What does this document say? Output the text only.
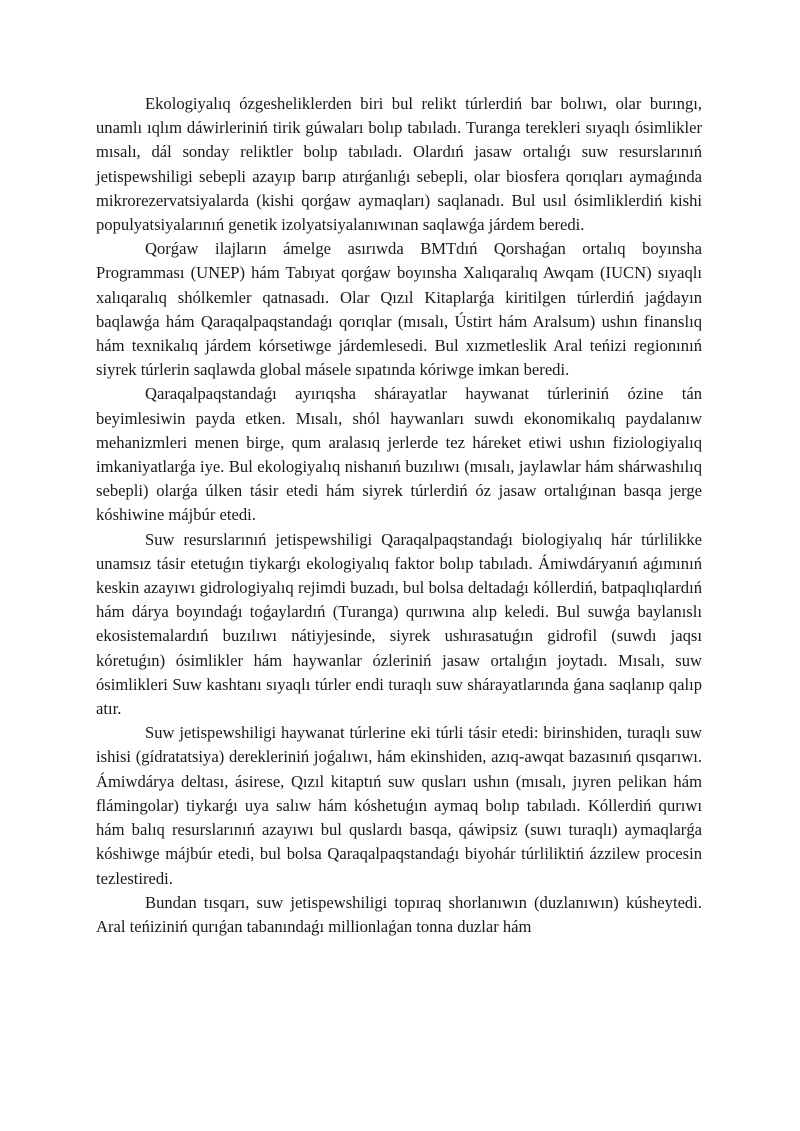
Ekologiyalıq ózgesheliklerden biri bul relikt túrlerdiń bar bolıwı, olar burıngı, unamlı ıqlım dáwirleriniń tirik gúwaları bolıp tabıladı. Turanga terekleri sıyaqlı ósimlikler mısalı, dál sonday reliktler bolıp tabıladı. Olardıń jasaw ortalıǵı suw resurslarınıń jetispewshiligi sebepli azayıp barıp atırǵanlıǵı sebepli, olar biosfera qorıqları aymaǵında mikrorezervatsiyalarda (kishi qorǵaw aymaqları) saqlanadı. Bul usıl ósimliklerdiń kishi populyatsiyalarınıń genetik izolyatsiyalanıwınan saqlawǵa járdem beredi.

Qorǵaw ilajların ámelge asırıwda BMTdıń Qorshaǵan ortalıq boyınsha Programması (UNEP) hám Tabıyat qorǵaw boyınsha Xalıqaralıq Awqam (IUCN) sıyaqlı xalıqaralıq shólkemler qatnasadı. Olar Qızıl Kitaplarǵa kiritilgen túrlerdiń jaǵdayın baqlawǵa hám Qaraqalpaqstandaǵı qorıqlar (mısalı, Ústirt hám Aralsum) ushın finanslıq hám texnikalıq járdem kórsetiwge járdemlesedi. Bul xızmetleslik Aral teńizi regionınıń siyrek túrlerin saqlawda global másele sıpatında kóriwge imkan beredi.

Qaraqalpaqstandaǵı ayırıqsha shárayatlar haywanat túrleriniń ózine tán beyimlesiwin payda etken. Mısalı, shól haywanları suwdı ekonomikalıq paydalanıw mehanizmleri menen birge, qum aralasıq jerlerde tez háreket etiwi ushın fiziologiyalıq imkaniyatlarǵa iye. Bul ekologiyalıq nishanıń buzılıwı (mısalı, jaylawlar hám shárwashılıq sebepli) olarǵa úlken tásir etedi hám siyrek túrlerdiń óz jasaw ortalıǵınan basqa jerge kóshiwine májbúr etedi.

Suw resurslarınıń jetispewshiligi Qaraqalpaqstandaǵı biologiyalıq hár túrlilikke unamsız tásir etetuǵın tiykarǵı ekologiyalıq faktor bolıp tabıladı. Ámiwdáryanıń aǵımınıń keskin azayıwı gidrologiyalıq rejimdi buzadı, bul bolsa deltadaǵı kóllerdiń, batpaqlıqlardıń hám dárya boyındaǵı toǵaylardıń (Turanga) qurıwına alıp keledi. Bul suwǵa baylanıslı ekosistemalardıń buzılıwı nátiyjesinde, siyrek ushırasatuǵın gidrofil (suwdı jaqsı kóretuǵın) ósimlikler hám haywanlar ózleriniń jasaw ortalıǵın joytadı. Mısalı, suw ósimlikleri Suw kashtanı sıyaqlı túrler endi turaqlı suw shárayatlarında ǵana saqlanıp qalıp atır.

Suw jetispewshiligi haywanat túrlerine eki túrli tásir etedi: birinshiden, turaqlı suw ishisi (gídratatsiya) derekleriniń joǵalıwı, hám ekinshiden, azıq-awqat bazasınıń qısqarıwı. Ámiwdárya deltası, ásirese, Qızıl kitaptıń suw qusları ushın (mısalı, jıyren pelikan hám flámingolar) tiykarǵı uya salıw hám kóshetuǵın aymaq bolıp tabıladı. Kóllerdiń qurıwı hám balıq resurslarınıń azayıwı bul quslardı basqa, qáwipsiz (suwı turaqlı) aymaqlarǵa kóshiwge májbúr etedi, bul bolsa Qaraqalpaqstandaǵı biyohár túrliliktiń ázzilew procesin tezlestiredi.

Bundan tısqarı, suw jetispewshiligi topıraq shorlanıwın (duzlanıwın) kúsheytedi. Aral teńiziniń qurıǵan tabanındaǵı millionlaǵan tonna duzlar hám
